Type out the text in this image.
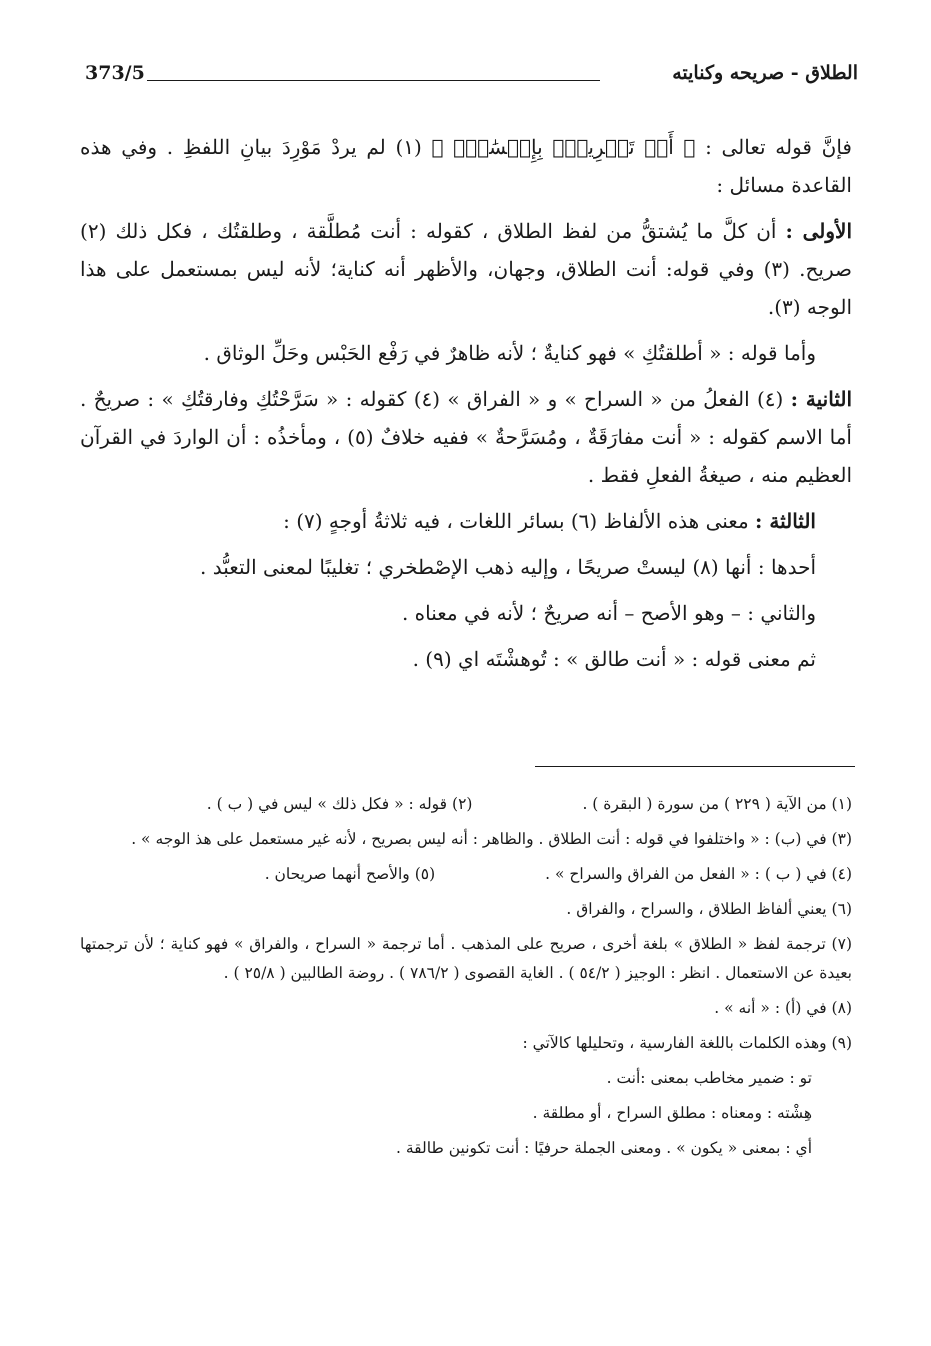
الطلاق - صريحه وكنايته
373/5

فإنَّ قوله تعالى : ﴿ أَوۡ تَسۡرِيحُۢ بِإِحۡسَٰنٖۗ ﴾ (١) لم يردْ مَوْرِدَ بيانِ اللفظِ . وفي هذه القاعدة مسائل :

الأولى : أن كلَّ ما يُشتقُّ من لفظ الطلاق ، كقوله : أنت مُطلَّقة ، وطلقتُك ، فكل ذلك (٢) صريح. (٣) وفي قوله: أنت الطلاق، وجهان، والأظهر أنه كناية؛ لأنه ليس بمستعمل على هذا الوجه (٣).

وأما قوله : « أطلقتُكِ » فهو كنايةٌ ؛ لأنه ظاهرٌ في رَفْع الحَبْس وحَلِّ الوثاق .

الثانية : (٤) الفعلُ من « السراح » و « الفراق » (٤) كقوله : « سَرَّحْتُكِ وفارقتُكِ » : صريحٌ . أما الاسم كقوله : « أنت مفارَقَةٌ ، ومُسَرَّحةٌ » ففيه خلافٌ (٥) ، ومأخذُه : أن الواردَ في القرآن العظيم منه ، صيغةُ الفعلِ فقط .

الثالثة : معنى هذه الألفاظ (٦) بسائر اللغات ، فيه ثلاثةُ أوجهٍ (٧) :

أحدها : أنها (٨) ليستْ صريحًا ، وإليه ذهب الإصْطخري ؛ تغليبًا لمعنى التعبُّد .

والثاني : – وهو الأصح – أنه صريحٌ ؛ لأنه في معناه .

ثم معنى قوله : « أنت طالق » : تُوهشْتَه اي (٩) .

(١) من الآية ( ٢٢٩ ) من سورة ( البقرة ) .
(٢) قوله : « فكل ذلك » ليس في ( ب ) .

(٣) في (ب) : « واختلفوا في قوله : أنت الطلاق . والظاهر : أنه ليس بصريح ، لأنه غير مستعمل على هذ الوجه » .

(٤) في ( ب ) : « الفعل من الفراق والسراح » .
(٥) والأصح أنهما صريحان .

(٦) يعني ألفاظ الطلاق ، والسراح ، والفراق .

(٧) ترجمة لفظ « الطلاق » بلغة أخرى ، صريح على المذهب . أما ترجمة « السراح ، والفراق » فهو كناية ؛ لأن ترجمتها بعيدة عن الاستعمال . انظر : الوجيز ( ٥٤/٢ ) . الغاية القصوى ( ٧٨٦/٢ ) . روضة الطالبين ( ٢٥/٨ ) .

(٨) في (أ) : « أنه » .

(٩) وهذه الكلمات باللغة الفارسية ، وتحليلها كالآتي :

تو : ضمير مخاطب بمعنى :أنت .

هِشْته : ومعناه : مطلق السراح ، أو مطلقة .

أي : بمعنى « يكون » . ومعنى الجملة حرفيًا : أنت تكونين طالقة .
